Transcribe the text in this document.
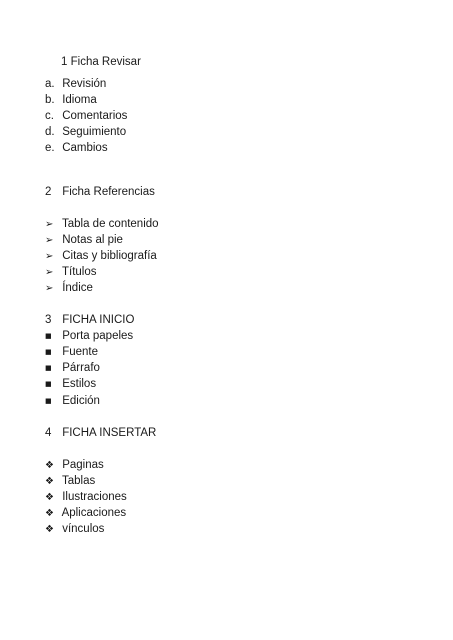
1 Ficha Revisar
a. Revisión
b. Idioma
c. Comentarios
d. Seguimiento
e. Cambios
2 Ficha Referencias
➢ Tabla de contenido
➢ Notas al pie
➢ Citas y bibliografía
➢ Títulos
➢ Índice
3 FICHA INICIO
■ Porta papeles
■ Fuente
■ Párrafo
■ Estilos
■ Edición
4 FICHA INSERTAR
❖ Paginas
❖ Tablas
❖ Ilustraciones
❖ Aplicaciones
❖ vínculos
